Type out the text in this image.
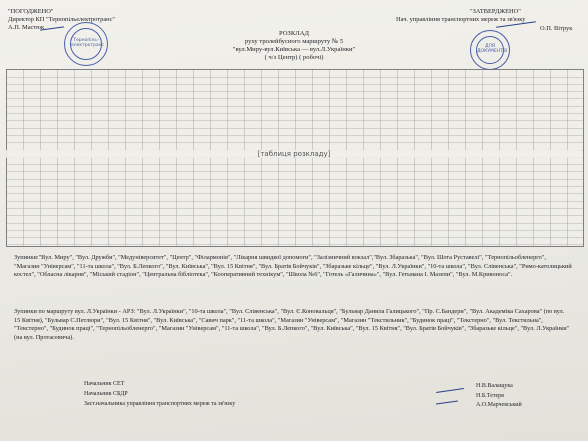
"ПОГОДЖЕНО"
Директор КП "Тернопільелектротранс"
А.П. Мастюк
"ЗАТВЕРДЖЕНО"
Нач. управління транспортних мереж та зв'язку
О.П. Вітрук
Тернопіль-електротранс	ДЛЯ ДОКУМЕНТІВ
РОЗКЛАД
руху тролейбусного маршруту № 5
"вул.Миру-вул.Київська — вул.Л.Українки"
( ч/з Центр) ( робочі)
[таблиця розкладу]
Зупинки:"Вул. Миру", "Вул. Дружби", "Медуніверситет", "Центр", "Філармонія", "Лікарня швидкої допомоги", "Залізничний вокзал","Вул. Збаразька", "Вул. Шота Руставелі", "Тернопільобленерго", "Магазин "Універсам", "11-та школа", "Вул. Б.Лепкого", "Вул. Київська", "Вул. 15 Квітня", "Вул. Братів Бойчуків", "Збаразьке кільце", "Вул. Л.Українки", "10-та школа", "Вул. Слівенська", "Римо-католицький костел", "Обласна лікарня", "Міський стадіон", "Центральна бібліотека", "Кооперативний технікум", "Школа №6", "Готель «Галичина»", "Вул. Гетьмана І. Мазепи", "Вул. М.Кривоноса".
Зупинки по маршруту вул. Л.Українки - АРЗ: "Вул. Л.Українки", "10-та школа", "Вул. Слівенська", "Вул. Є.Коновальця", "Бульвар Данила Галицького", "Пр. С.Бандери", "Вул. Академіка Сахарова" (по вул. 15 Квітня), "Бульвар С.Петлюри", "Вул. 15 Квітня", "Вул. Київська", "Савич парк", "11-та школа", "Магазин "Універсам", "Магазин "Текстильник", "Будинок праці", "Текстерно", "Вул. Текстильна", "Текстерно", "Будинок праці", "Тернопільобленерго", "Магазин "Універсам", "11-та школа", "Вул. Б.Лепкого", "Вул. Київська", "Вул. 15 Квітня", "Вул. Братів Бойчуків", "Збаразьке кільце", "Вул. Л.Українки" (на вул. Протасевича).
Начальник СЕТ
Начальник СБДР
Заст.начальника управління транспортних мереж та зв'язку
Н.В.Валащука
Н.Б.Тетеря
А.О.Марчевський
